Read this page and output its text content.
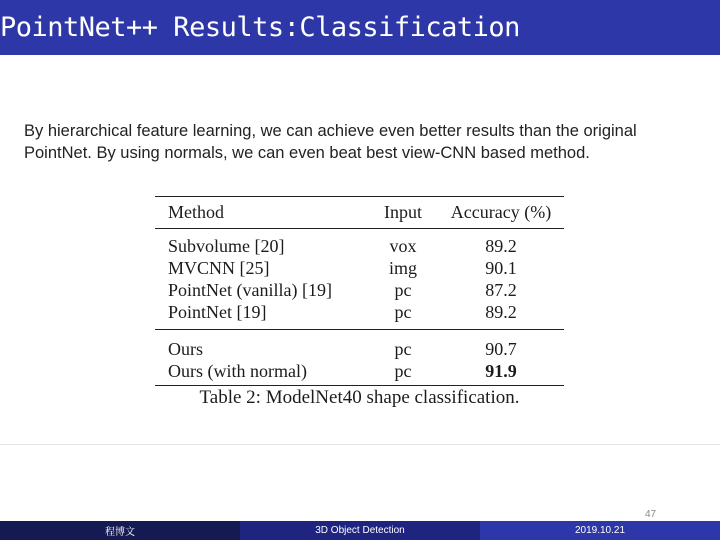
PointNet++ Results:Classification

By hierarchical feature learning, we can achieve even better results than the original

PointNet. By using normals, we can even beat best view-CNN based method.

Method	Input	Accuracy (%)
Subvolume [20]	vox	89.2
MVCNN [25]	img	90.1
PointNet (vanilla) [19]	pc	87.2
PointNet [19]	pc	89.2
Ours	pc	90.7
Ours (with normal)	pc	91.9
Table 2: ModelNet40 shape classification.
47
程博文	3D Object Detection	2019.10.21
